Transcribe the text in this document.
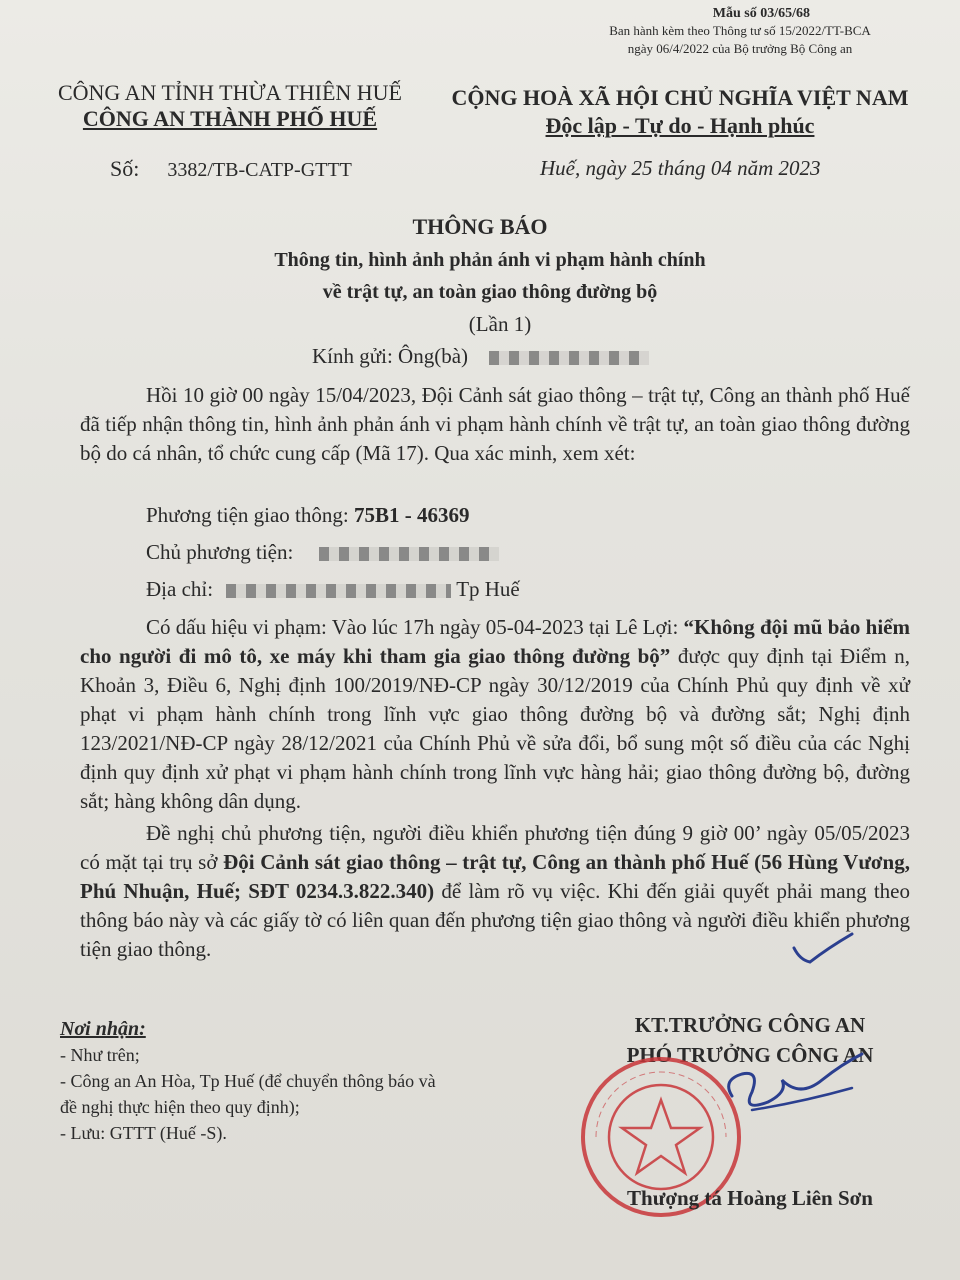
Mẫu số 03/65/68
Ban hành kèm theo Thông tư số 15/2022/TT-BCA
ngày 06/4/2022 của Bộ trưởng Bộ Công an
CÔNG AN TỈNH THỪA THIÊN HUẾ
CÔNG AN THÀNH PHỐ HUẾ
CỘNG HOÀ XÃ HỘI CHỦ NGHĨA VIỆT NAM
Độc lập - Tự do - Hạnh phúc
Số: 3382/TB-CATP-GTTT	Huế, ngày 25 tháng 04 năm 2023
THÔNG BÁO
Thông tin, hình ảnh phản ánh vi phạm hành chính
về trật tự, an toàn giao thông đường bộ
(Lần 1)
Kính gửi: Ông(bà)
Hồi 10 giờ 00 ngày 15/04/2023, Đội Cảnh sát giao thông – trật tự, Công an thành phố Huế đã tiếp nhận thông tin, hình ảnh phản ánh vi phạm hành chính về trật tự, an toàn giao thông đường bộ do cá nhân, tổ chức cung cấp (Mã 17). Qua xác minh, xem xét:
Phương tiện giao thông: 75B1 - 46369
Chủ phương tiện:
Địa chỉ:	Tp Huế
Có dấu hiệu vi phạm: Vào lúc 17h ngày 05-04-2023 tại Lê Lợi: “Không đội mũ bảo hiểm cho người đi mô tô, xe máy khi tham gia giao thông đường bộ” được quy định tại Điểm n, Khoản 3, Điều 6, Nghị định 100/2019/NĐ-CP ngày 30/12/2019 của Chính Phủ quy định về xử phạt vi phạm hành chính trong lĩnh vực giao thông đường bộ và đường sắt; Nghị định 123/2021/NĐ-CP ngày 28/12/2021 của Chính Phủ về sửa đổi, bổ sung một số điều của các Nghị định quy định xử phạt vi phạm hành chính trong lĩnh vực hàng hải; giao thông đường bộ, đường sắt; hàng không dân dụng.
Đề nghị chủ phương tiện, người điều khiển phương tiện đúng 9 giờ 00’ ngày 05/05/2023 có mặt tại trụ sở Đội Cảnh sát giao thông – trật tự, Công an thành phố Huế (56 Hùng Vương, Phú Nhuận, Huế; SĐT 0234.3.822.340) để làm rõ vụ việc. Khi đến giải quyết phải mang theo thông báo này và các giấy tờ có liên quan đến phương tiện giao thông và người điều khiển phương tiện giao thông.
Nơi nhận:
- Như trên;
- Công an An Hòa, Tp Huế (để chuyển thông báo và
đề nghị thực hiện theo quy định);
- Lưu: GTTT (Huế -S).
KT.TRƯỞNG CÔNG AN
PHÓ TRƯỞNG CÔNG AN
Thượng tá Hoàng Liên Sơn
